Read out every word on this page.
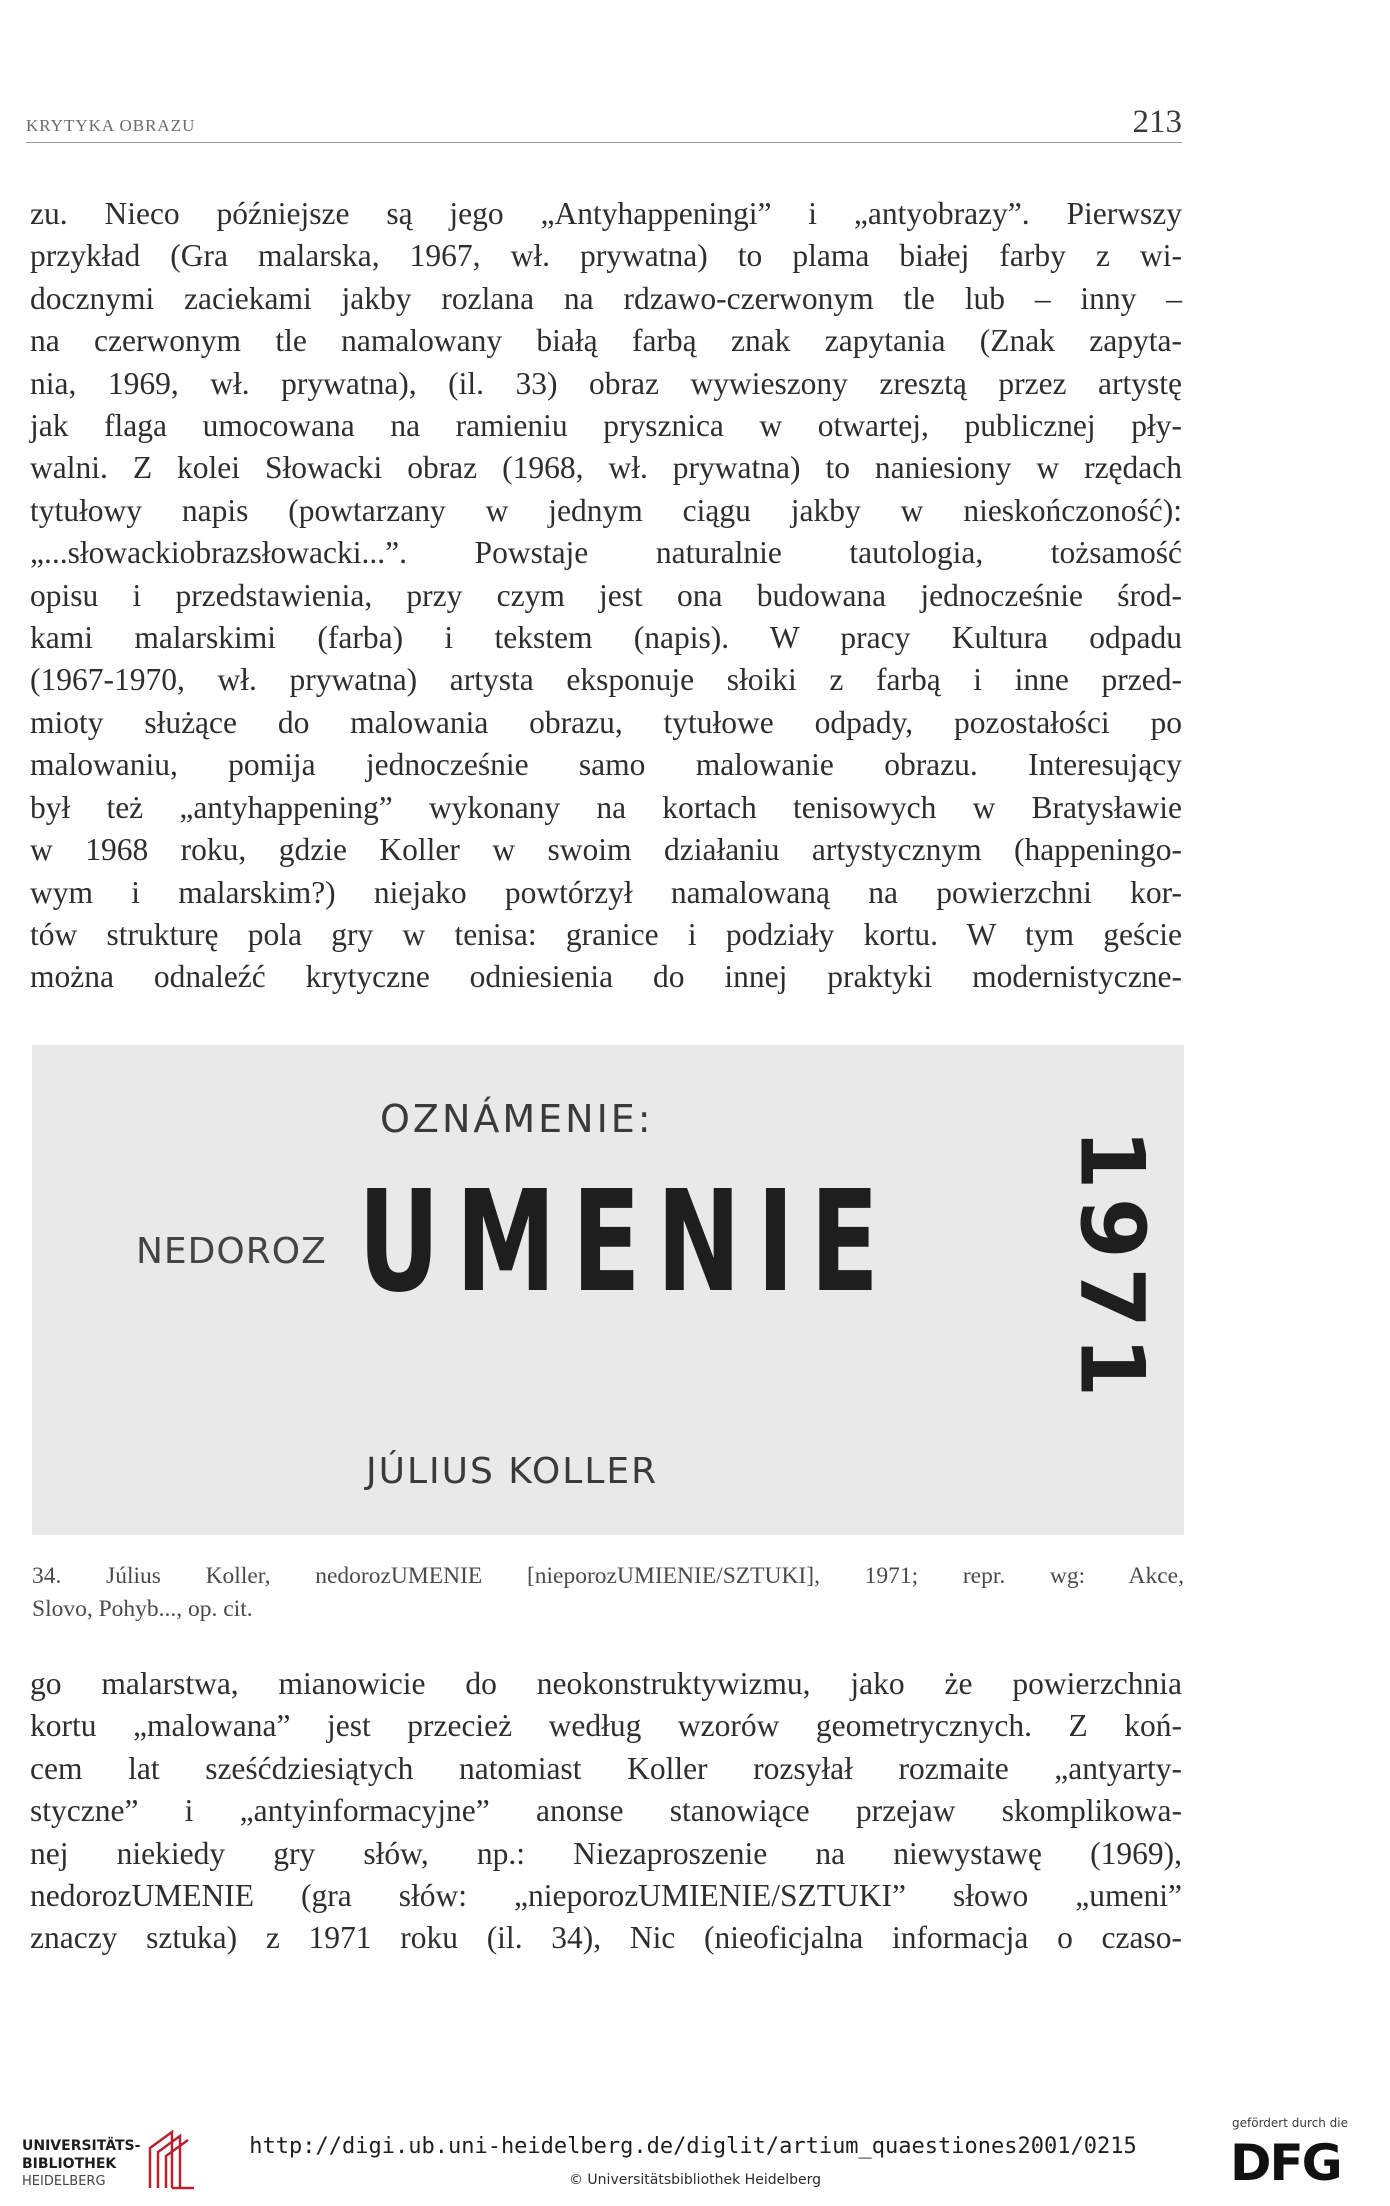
KRYTYKA OBRAZU	213
zu. Nieco późniejsze są jego „Antyhappeningi” i „antyobrazy”. Pierwszy
przykład (Gra malarska, 1967, wł. prywatna) to plama białej farby z wi-
docznymi zaciekami jakby rozlana na rdzawo-czerwonym tle lub – inny –
na czerwonym tle namalowany białą farbą znak zapytania (Znak zapyta-
nia, 1969, wł. prywatna), (il. 33) obraz wywieszony zresztą przez artystę
jak flaga umocowana na ramieniu prysznica w otwartej, publicznej pły-
walni. Z kolei Słowacki obraz (1968, wł. prywatna) to naniesiony w rzędach
tytułowy napis (powtarzany w jednym ciągu jakby w nieskończoność):
„...słowackiobrazsłowacki...”. Powstaje naturalnie tautologia, tożsamość
opisu i przedstawienia, przy czym jest ona budowana jednocześnie środ-
kami malarskimi (farba) i tekstem (napis). W pracy Kultura odpadu
(1967-1970, wł. prywatna) artysta eksponuje słoiki z farbą i inne przed-
mioty służące do malowania obrazu, tytułowe odpady, pozostałości po
malowaniu, pomija jednocześnie samo malowanie obrazu. Interesujący
był też „antyhappening” wykonany na kortach tenisowych w Bratysławie
w 1968 roku, gdzie Koller w swoim działaniu artystycznym (happeningo-
wym i malarskim?) niejako powtórzył namalowaną na powierzchni kor-
tów strukturę pola gry w tenisa: granice i podziały kortu. W tym geście
można odnaleźć krytyczne odniesienia do innej praktyki modernistyczne-
OZNÁMENIE:
NEDOROZ UMENIE 1971
JÚLIUS KOLLER
34. Július Koller, nedorozUMENIE [nieporozUMIENIE/SZTUKI], 1971; repr. wg: Akce,
Slovo, Pohyb..., op. cit.
go malarstwa, mianowicie do neokonstruktywizmu, jako że powierzchnia
kortu „malowana” jest przecież według wzorów geometrycznych. Z koń-
cem lat sześćdziesiątych natomiast Koller rozsyłał rozmaite „antyarty-
styczne” i „antyinformacyjne” anonse stanowiące przejaw skomplikowa-
nej niekiedy gry słów, np.: Niezaproszenie na niewystawę (1969),
nedorozUMENIE (gra słów: „nieporozUMIENIE/SZTUKI” słowo „umeni”
znaczy sztuka) z 1971 roku (il. 34), Nic (nieoficjalna informacja o czaso-
UNIVERSITÄTS-
BIBLIOTHEK
HEIDELBERG
http://digi.ub.uni-heidelberg.de/diglit/artium_quaestiones2001/0215
© Universitätsbibliothek Heidelberg
gefördert durch die
DFG
